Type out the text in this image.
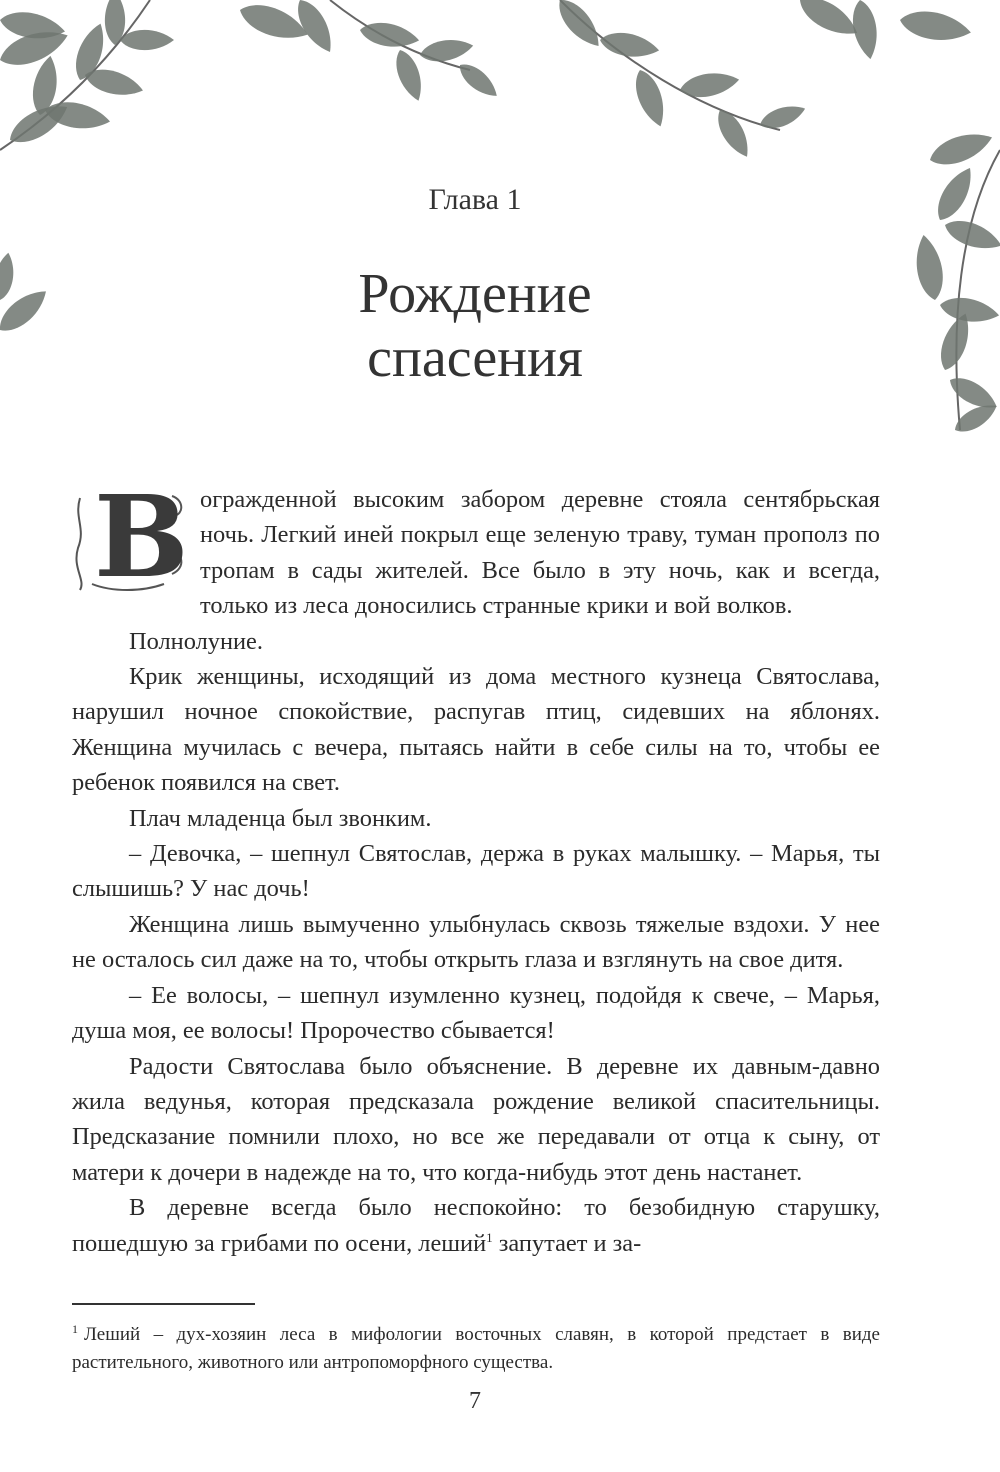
Глава 1
Рождение
спасения

В огражденной высоким забором деревне стояла сентябрьская ночь. Легкий иней покрыл еще зеленую траву, туман прополз по тропам в сады жителей. Все было в эту ночь, как и всегда, только из леса доносились странные крики и вой волков.

Полнолуние.

Крик женщины, исходящий из дома местного кузнеца Святослава, нарушил ночное спокойствие, распугав птиц, сидевших на яблонях. Женщина мучилась с вечера, пытаясь найти в себе силы на то, чтобы ее ребенок появился на свет.

Плач младенца был звонким.

– Девочка, – шепнул Святослав, держа в руках малышку. – Марья, ты слышишь? У нас дочь!

Женщина лишь вымученно улыбнулась сквозь тяжелые вздохи. У нее не осталось сил даже на то, чтобы открыть глаза и взглянуть на свое дитя.

– Ее волосы, – шепнул изумленно кузнец, подойдя к свече, – Марья, душа моя, ее волосы! Пророчество сбывается!

Радости Святослава было объяснение. В деревне их давным-давно жила ведунья, которая предсказала рождение великой спасительницы. Предсказание помнили плохо, но все же передавали от отца к сыну, от матери к дочери в надежде на то, что когда-нибудь этот день настанет.

В деревне всегда было неспокойно: то безобидную старушку, пошедшую за грибами по осени, леший$^1$ запутает и за-

$^1$ Леший – дух-хозяин леса в мифологии восточных славян, в которой предстает в виде растительного, животного или антропоморфного существа.
7
